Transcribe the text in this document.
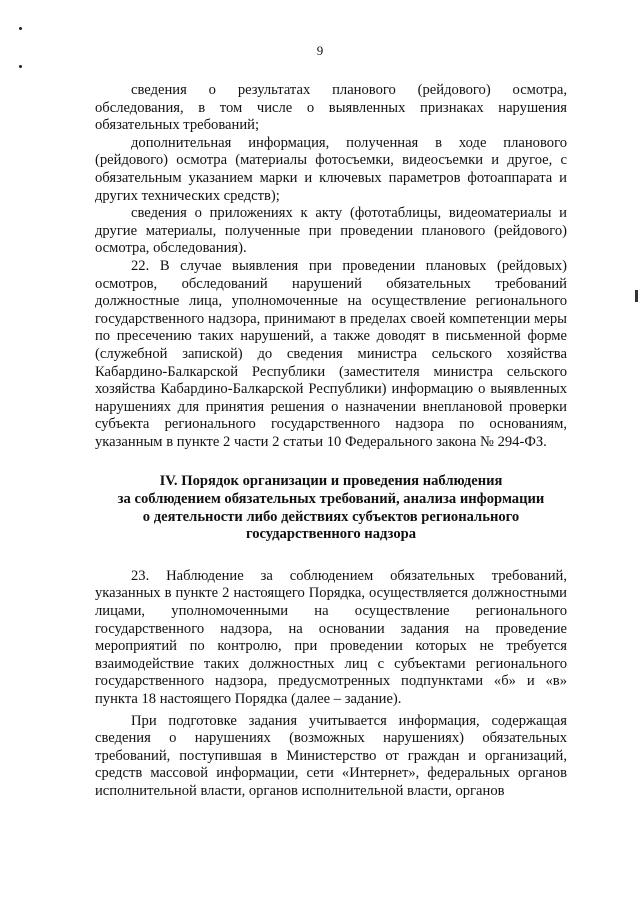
9

сведения о результатах планового (рейдового) осмотра, обследования, в том числе о выявленных признаках нарушения обязательных требований;

дополнительная информация, полученная в ходе планового (рейдового) осмотра (материалы фотосъемки, видеосъемки и другое, с обязательным указанием марки и ключевых параметров фотоаппарата и других технических средств);

сведения о приложениях к акту (фототаблицы, видеоматериалы и другие материалы, полученные при проведении планового (рейдового) осмотра, обследования).

22. В случае выявления при проведении плановых (рейдовых) осмотров, обследований нарушений обязательных требований должностные лица, уполномоченные на осуществление регионального государственного надзора, принимают в пределах своей компетенции меры по пресечению таких нарушений, а также доводят в письменной форме (служебной запиской) до сведения министра сельского хозяйства Кабардино-Балкарской Республики (заместителя министра сельского хозяйства Кабардино-Балкарской Республики) информацию о выявленных нарушениях для принятия решения о назначении внеплановой проверки субъекта регионального государственного надзора по основаниям, указанным в пункте 2 части 2 статьи 10 Федерального закона № 294-ФЗ.

IV. Порядок организации и проведения наблюдения
за соблюдением обязательных требований, анализа информации
о деятельности либо действиях субъектов регионального
государственного надзора

23. Наблюдение за соблюдением обязательных требований, указанных в пункте 2 настоящего Порядка, осуществляется должностными лицами, уполномоченными на осуществление регионального государственного надзора, на основании задания на проведение мероприятий по контролю, при проведении которых не требуется взаимодействие таких должностных лиц с субъектами регионального государственного надзора, предусмотренных подпунктами «б» и «в» пункта 18 настоящего Порядка (далее – задание).

При подготовке задания учитывается информация, содержащая сведения о нарушениях (возможных нарушениях) обязательных требований, поступившая в Министерство от граждан и организаций, средств массовой информации, сети «Интернет», федеральных органов исполнительной власти, органов исполнительной власти, органов
